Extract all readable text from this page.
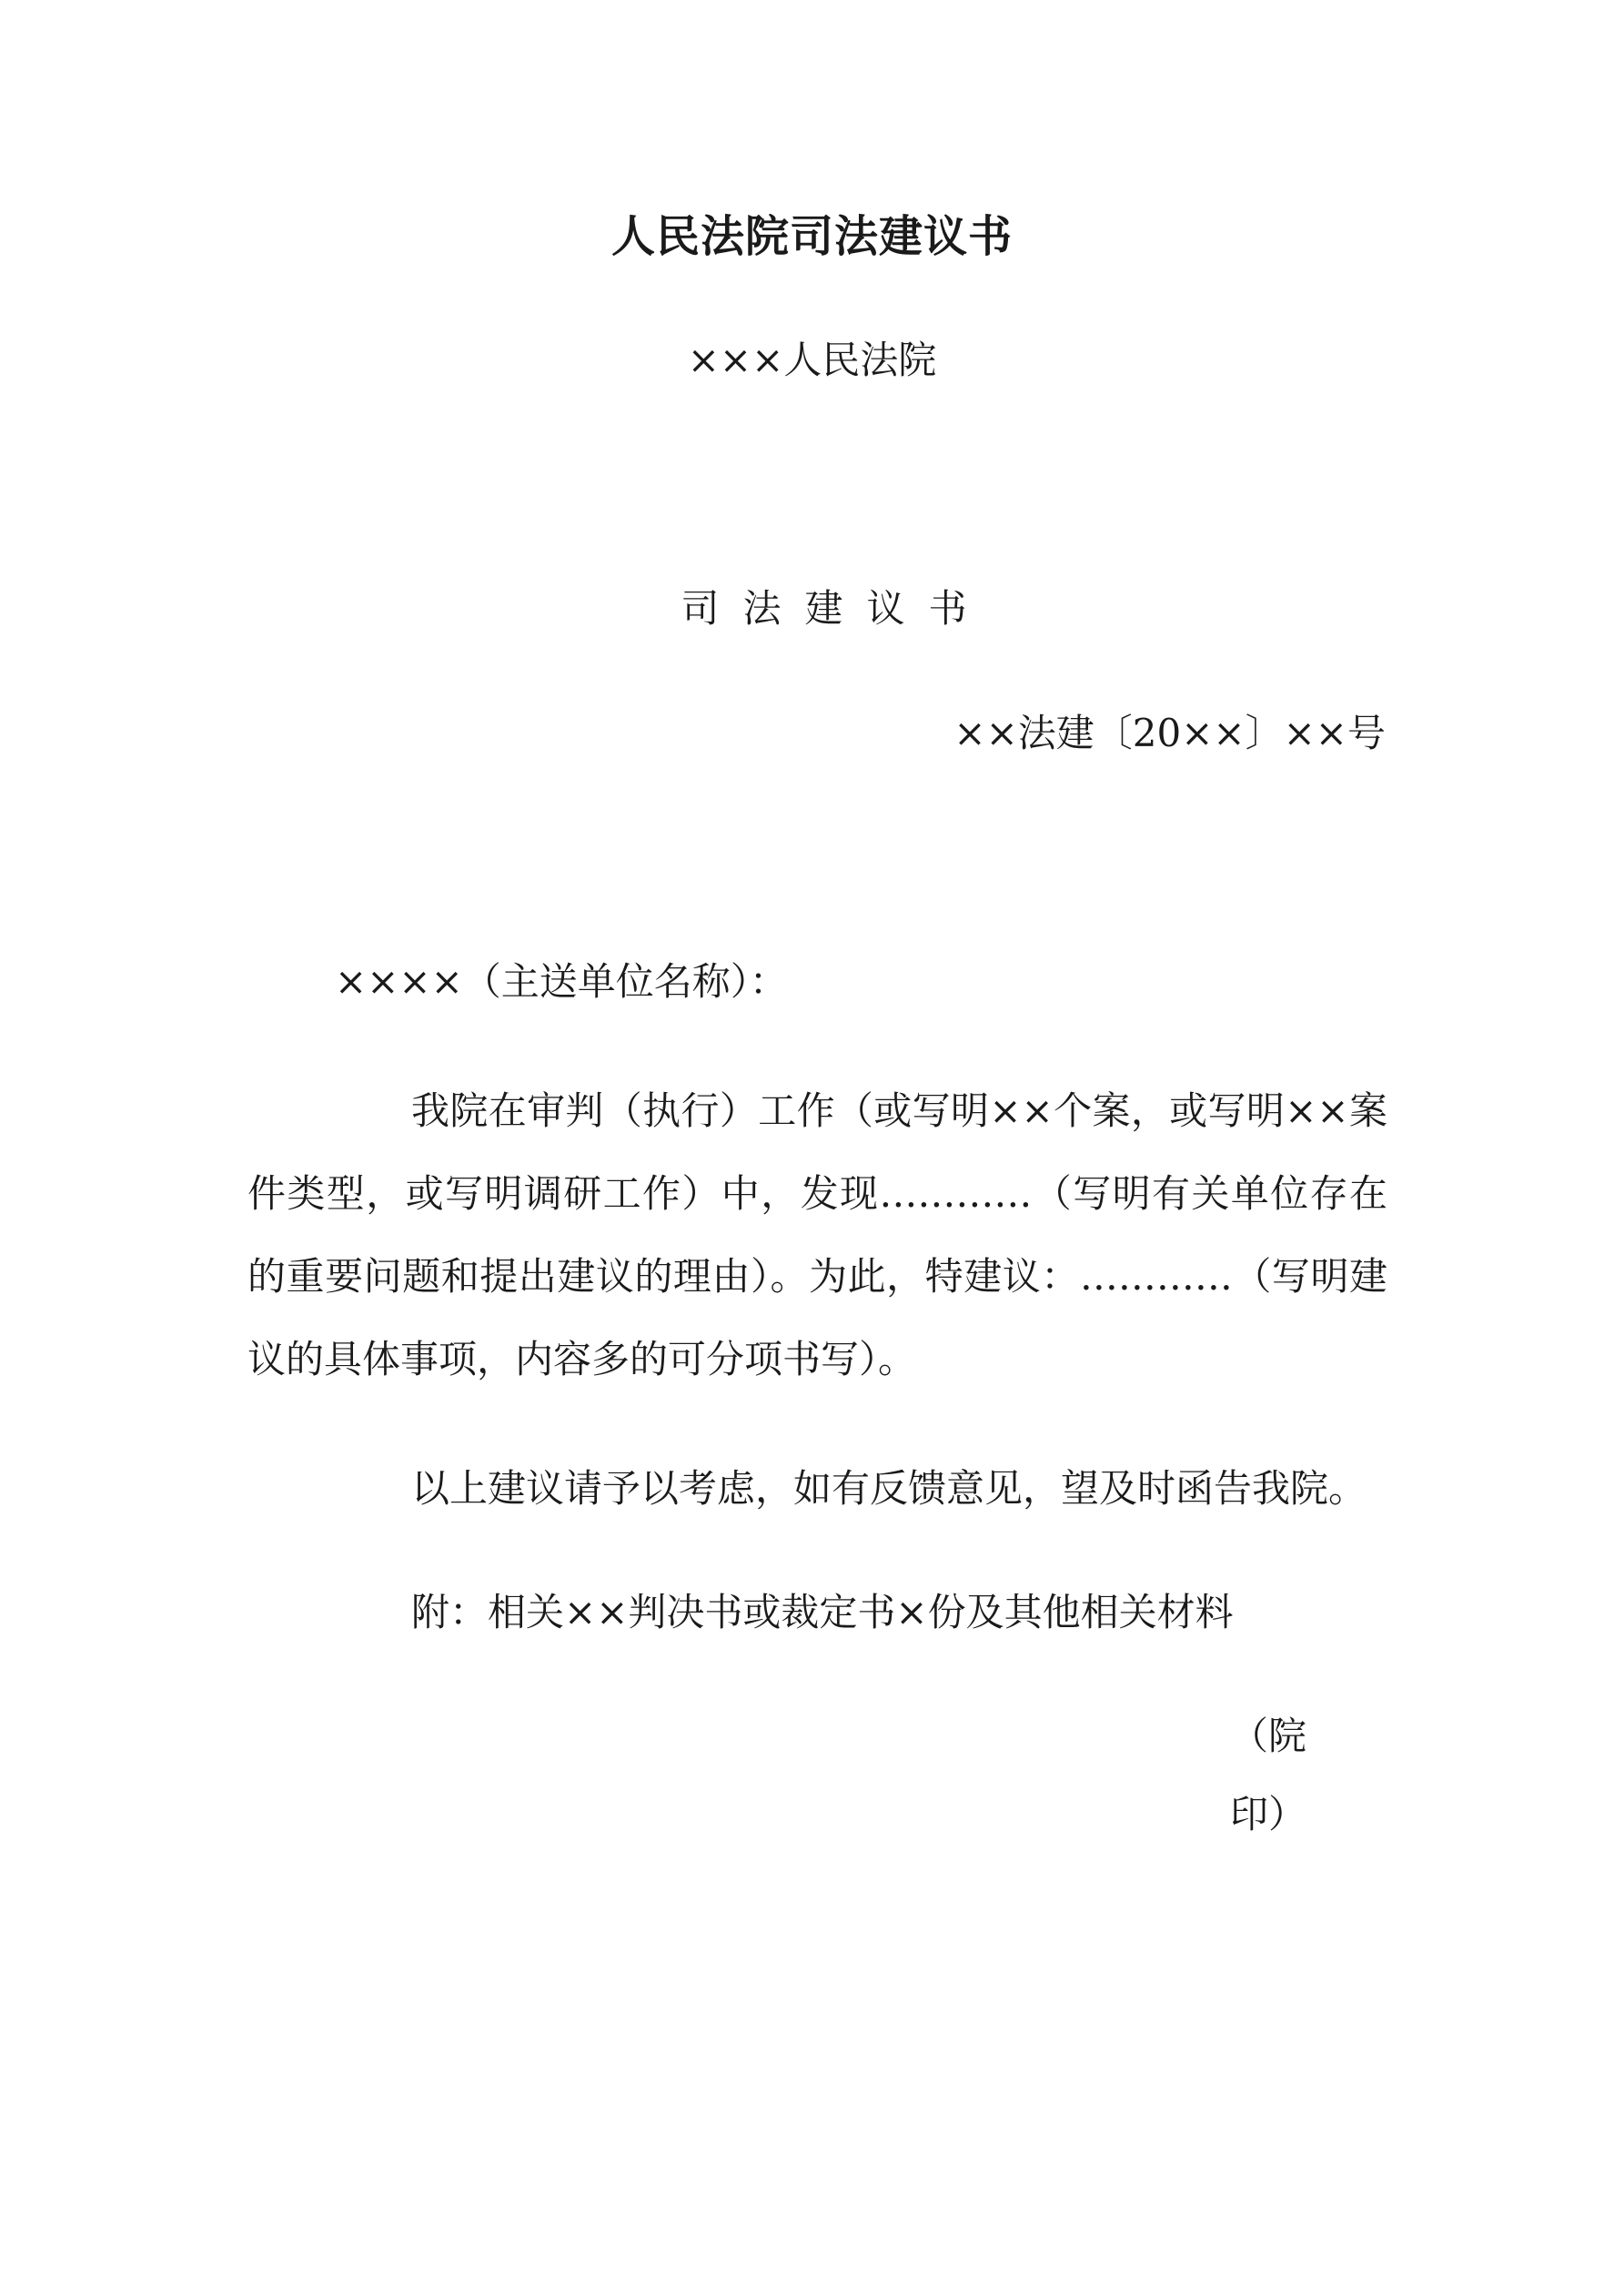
人民法院司法建议书

×××人民法院

司法建议书

××法建〔20××〕××号

××××（主送单位名称）：

我院在审判（执行）工作（或写明××个案，或写明××案件类型，或写明调研工作）中，发现…………（写明有关单位存在的重要问题和提出建议的理由）。为此，特建议：…………（写明建议的具体事项，内容多的可分项书写）。

以上建议请予以考虑，如有反馈意见，望及时函告我院。

附：相关××判决书或裁定书×份及其他相关材料

（院印）
